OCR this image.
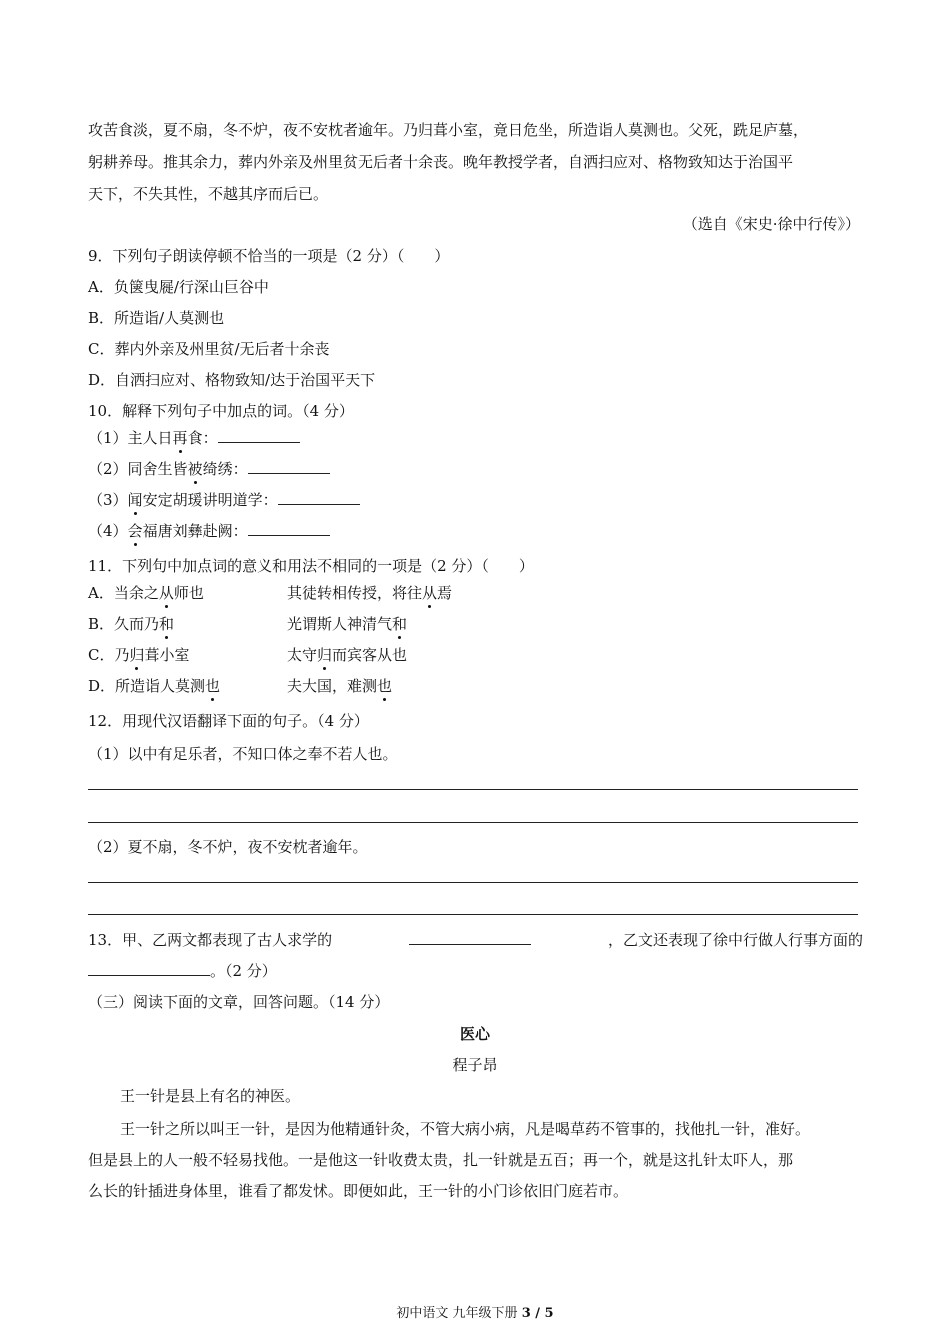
攻苦食淡，夏不扇，冬不炉，夜不安枕者逾年。乃归葺小室，竟日危坐，所造诣人莫测也。父死，跣足庐墓，
躬耕养母。推其余力，葬内外亲及州里贫无后者十余丧。晚年教授学者，自洒扫应对、格物致知达于治国平
天下，不失其性，不越其序而后已。
（选自《宋史·徐中行传》）
9．下列句子朗读停顿不恰当的一项是（2 分）（　　）
A．负箧曳屣/行深山巨谷中
B．所造诣/人莫测也
C．葬内外亲及州里贫/无后者十余丧
D．自洒扫应对、格物致知/达于治国平天下
10．解释下列句子中加点的词。（4 分）
（1）主人日再食：
（2）同舍生皆被绮绣：
（3）闻安定胡瑗讲明道学：
（4）会福唐刘彝赴阙：
11．下列句中加点词的意义和用法不相同的一项是（2 分）（　　）
A．当余之从师也	其徒转相传授，将往从焉
B．久而乃和	光谓斯人神清气和
C．乃归葺小室	太守归而宾客从也
D．所造诣人莫测也	夫大国，难测也
12．用现代汉语翻译下面的句子。（4 分）
（1）以中有足乐者，不知口体之奉不若人也。
（2）夏不扇，冬不炉，夜不安枕者逾年。
13．甲、乙两文都表现了古人求学的	，乙文还表现了徐中行做人行事方面的
。（2 分）
（三）阅读下面的文章，回答问题。（14 分）
医心
程子昂
王一针是县上有名的神医。
王一针之所以叫王一针，是因为他精通针灸，不管大病小病，凡是喝草药不管事的，找他扎一针，准好。
但是县上的人一般不轻易找他。一是他这一针收费太贵，扎一针就是五百；再一个，就是这扎针太吓人，那
么长的针插进身体里，谁看了都发怵。即便如此，王一针的小门诊依旧门庭若市。
初中语文 九年级下册 3 / 5
